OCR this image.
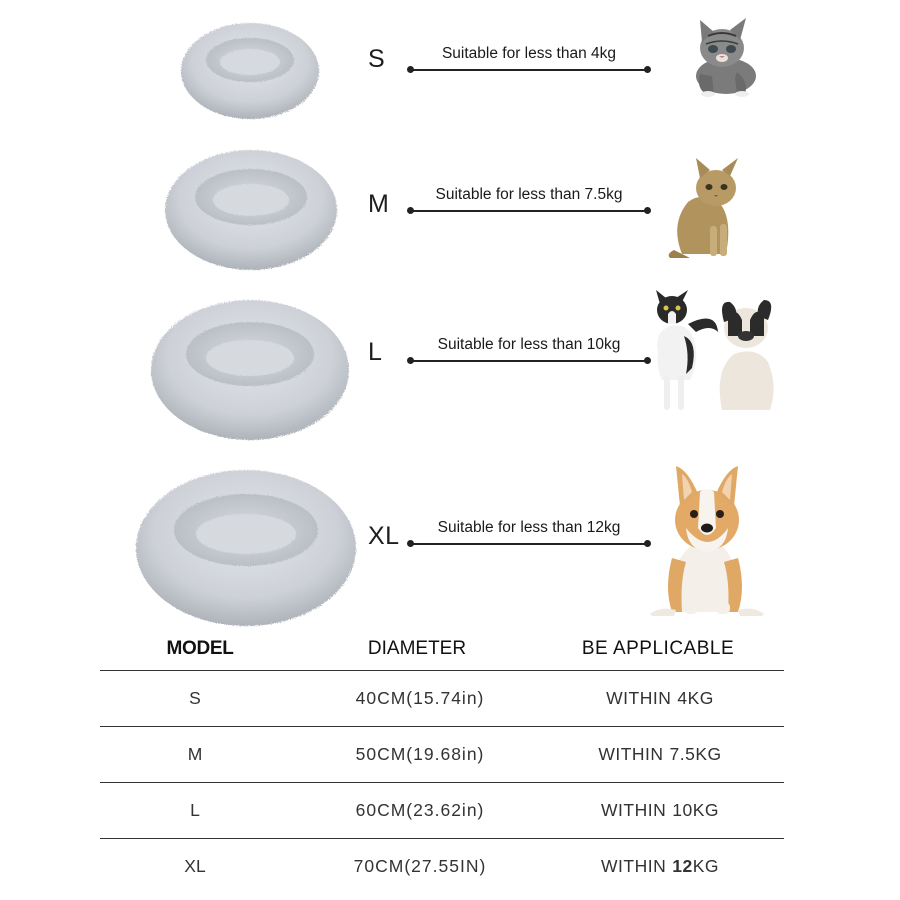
S	Suitable for less than 4kg
M	Suitable for less than 7.5kg
L	Suitable for less than 10kg
XL	Suitable for less than 12kg
MODEL	DIAMETER	BE APPLICABLE
S	40CM(15.74in)	WITHIN 4KG
M	50CM(19.68in)	WITHIN 7.5KG
L	60CM(23.62in)	WITHIN 10KG
XL	70CM(27.55IN)	WITHIN 12KG
